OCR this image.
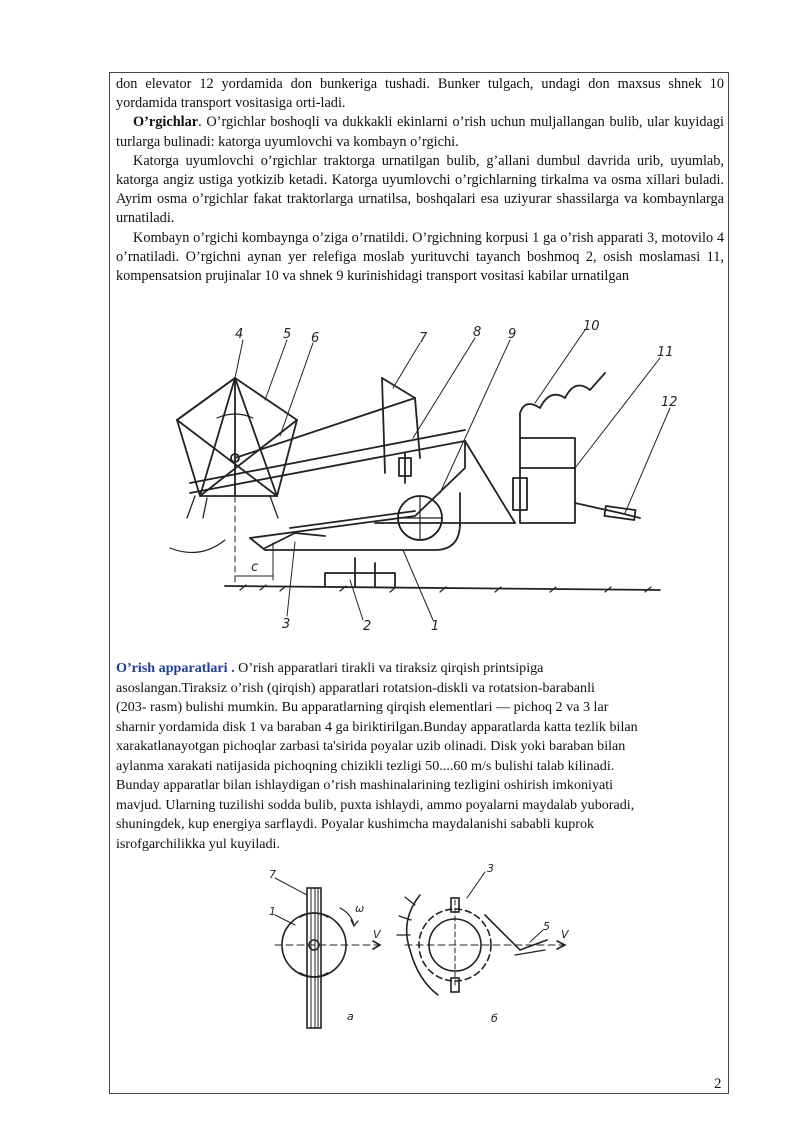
don elevator 12 yordamida don bunkeriga tushadi. Bunker tulgach, undagi don maxsus shnek 10 yordamida transport vositasiga orti-ladi.

O’rgichlar. O’rgichlar boshoqli va dukkakli ekinlarni o’rish uchun muljallangan bulib, ular kuyidagi turlarga bulinadi: katorga uyumlovchi va kombayn o’rgichi.

Katorga uyumlovchi o’rgichlar traktorga urnatilgan bulib, g’allani dumbul davrida urib, uyumlab, katorga angiz ustiga yotkizib ketadi. Katorga uyumlovchi o’rgichlarning tirkalma va osma xillari buladi. Ayrim osma o’rgichlar fakat traktorlarga urnatilsa, boshqalari esa uziyurar shassilarga va kombaynlarga urnatiladi.

Kombayn o’rgichi kombaynga o’ziga o’rnatildi. O’rgichning korpusi 1 ga o’rish apparati 3, motovilo 4 o’rnatiladi. O’rgichni aynan yer relefiga moslab yurituvchi tayanch boshmoq 2, osish moslamasi 11, kompensatsion prujinalar 10 va shnek 9 kurinishidagi transport vositasi kabilar urnatilgan

4	5 6	7	8 9
10
11
12
3	2	1
c

O’rish apparatlari . O’rish apparatlari tirakli va tiraksiz qirqish printsipiga

asoslangan.Tiraksiz o’rish (qirqish) apparatlari rotatsion-diskli va rotatsion-barabanli

(203- rasm) bulishi mumkin. Bu apparatlarning qirqish elementlari — pichoq 2 va 3 lar

sharnir yordamida disk 1 va baraban 4 ga biriktirilgan.Bunday apparatlarda katta tezlik bilan

xarakatlanayotgan pichoqlar zarbasi ta'sirida poyalar uzib olinadi. Disk yoki baraban bilan

aylanma xarakati natijasida pichoqning chizikli tezligi 50....60 m/s bulishi talab kilinadi.

Bunday apparatlar bilan ishlaydigan o’rish mashinalarining tezligini oshirish imkoniyati

mavjud. Ularning tuzilishi sodda bulib, puxta ishlaydi, ammo poyalarni maydalab yuboradi,

shuningdek, kup energiya sarflaydi. Poyalar kushimcha maydalanishi sababli kuprok

isrofgarchilikka yul kuyiladi.

7
1	ω
V
a
3
5
V
б
2
